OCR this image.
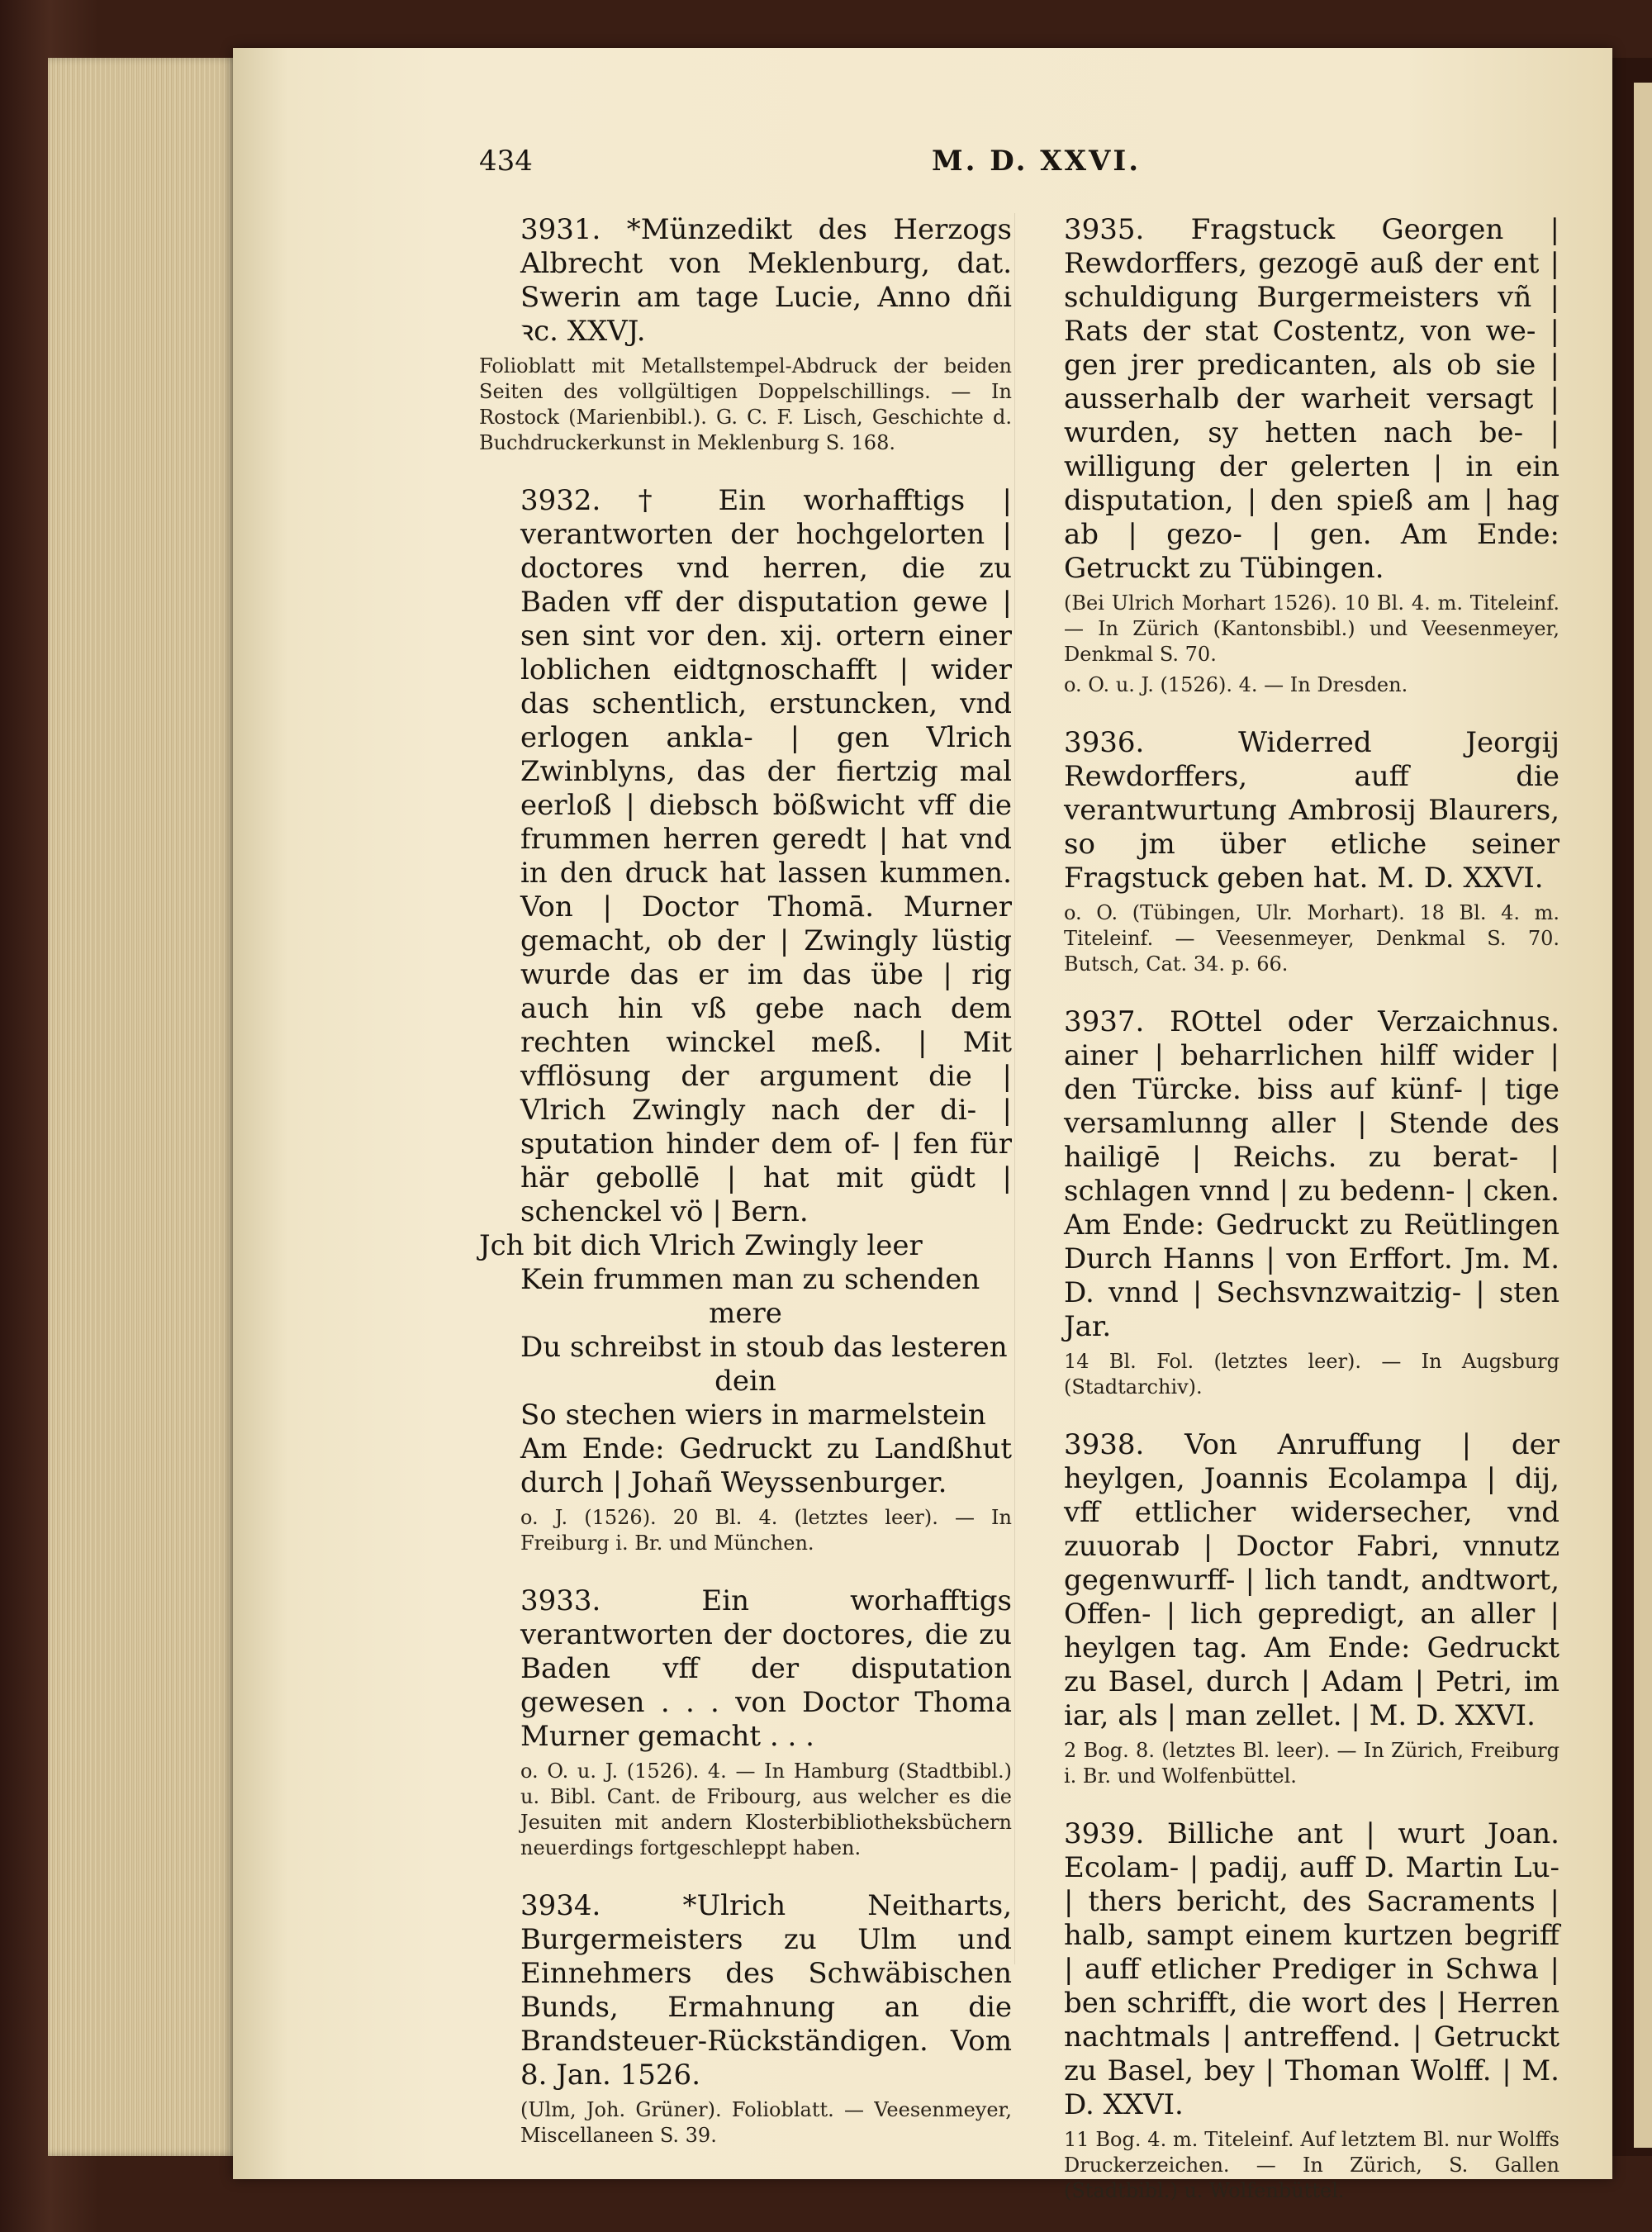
434	M. D. XXVI.

3931. *Münzedikt des Herzogs Albrecht von Meklenburg, dat. Swerin am tage Lucie, Anno dñi ꝛc. XXVJ.

Folioblatt mit Metallstempel-Abdruck der beiden Seiten des vollgültigen Doppelschillings. — In Rostock (Marienbibl.). G. C. F. Lisch, Geschichte d. Buchdruckerkunst in Meklenburg S. 168.

3932. † Ein worhafftigs | verantworten der hochgelorten | doctores vnd herren, die zu Baden vff der disputation gewe | sen sint vor den. xij. ortern einer loblichen eidtgnoschafft | wider das schentlich, erstuncken, vnd erlogen ankla- | gen Vlrich Zwinblyns, das der fiertzig mal eerloß | diebsch bößwicht vff die frummen herren geredt | hat vnd in den druck hat lassen kummen. Von | Doctor Thomā. Murner gemacht, ob der | Zwingly lüstig wurde das er im das übe | rig auch hin vß gebe nach dem rechten winckel meß. | Mit vfflösung der argument die | Vlrich Zwingly nach der di- | sputation hinder dem of- | fen für här gebollē | hat mit güdt | schenckel vö | Bern.

Jch bit dich Vlrich Zwingly leer
Kein frummen man zu schenden
mere
Du schreibst in stoub das lesteren
dein
So stechen wiers in marmelstein

Am Ende: Gedruckt zu Landßhut durch | Johañ Weyssenburger.

o. J. (1526). 20 Bl. 4. (letztes leer). — In Freiburg i. Br. und München.

3933. Ein worhafftigs verantworten der doctores, die zu Baden vff der disputation gewesen . . . von Doctor Thoma Murner gemacht . . .

o. O. u. J. (1526). 4. — In Hamburg (Stadtbibl.) u. Bibl. Cant. de Fribourg, aus welcher es die Jesuiten mit andern Klosterbibliotheksbüchern neuerdings fortgeschleppt haben.

3934. *Ulrich Neitharts, Burgermeisters zu Ulm und Einnehmers des Schwäbischen Bunds, Ermahnung an die Brandsteuer-Rückständigen. Vom 8. Jan. 1526.

(Ulm, Joh. Grüner). Folioblatt. — Veesenmeyer, Miscellaneen S. 39.

3935. Fragstuck Georgen | Rewdorffers, gezogē auß der ent | schuldigung Burgermeisters vñ | Rats der stat Costentz, von we- | gen jrer predicanten, als ob sie | ausserhalb der warheit versagt | wurden, sy hetten nach be- | willigung der gelerten | in ein disputation, | den spieß am | hag ab | gezo- | gen. Am Ende: Getruckt zu Tübingen.

(Bei Ulrich Morhart 1526). 10 Bl. 4. m. Titeleinf. — In Zürich (Kantonsbibl.) und Veesenmeyer, Denkmal S. 70.

o. O. u. J. (1526). 4. — In Dresden.

3936. Widerred Jeorgij Rewdorffers, auff die verantwurtung Ambrosij Blaurers, so jm über etliche seiner Fragstuck geben hat. M. D. XXVI.

o. O. (Tübingen, Ulr. Morhart). 18 Bl. 4. m. Titeleinf. — Veesenmeyer, Denkmal S. 70. Butsch, Cat. 34. p. 66.

3937. ROttel oder Verzaichnus. ainer | beharrlichen hilff wider | den Türcke. biss auf künf- | tige versamlunng aller | Stende des hailigē | Reichs. zu berat- | schlagen vnnd | zu bedenn- | cken. Am Ende: Gedruckt zu Reütlingen Durch Hanns | von Erffort. Jm. M. D. vnnd | Sechsvnzwaitzig- | sten Jar.

14 Bl. Fol. (letztes leer). — In Augsburg (Stadtarchiv).

3938. Von Anruffung | der heylgen, Joannis Ecolampa | dij, vff ettlicher widersecher, vnd zuuorab | Doctor Fabri, vnnutz gegenwurff- | lich tandt, andtwort, Offen- | lich gepredigt, an aller | heylgen tag. Am Ende: Gedruckt zu Basel, durch | Adam | Petri, im iar, als | man zellet. | M. D. XXVI.

2 Bog. 8. (letztes Bl. leer). — In Zürich, Freiburg i. Br. und Wolfenbüttel.

3939. Billiche ant | wurt Joan. Ecolam- | padij, auff D. Martin Lu- | thers bericht, des Sacraments | halb, sampt einem kurtzen begriff | auff etlicher Prediger in Schwa | ben schrifft, die wort des | Herren nachtmals | antreffend. | Getruckt zu Basel, bey | Thoman Wolff. | M. D. XXVI.

11 Bog. 4. m. Titeleinf. Auf letztem Bl. nur Wolffs Druckerzeichen. — In Zürich, S. Gallen (Stadtbibl.) u. Wolfenbüttel.
